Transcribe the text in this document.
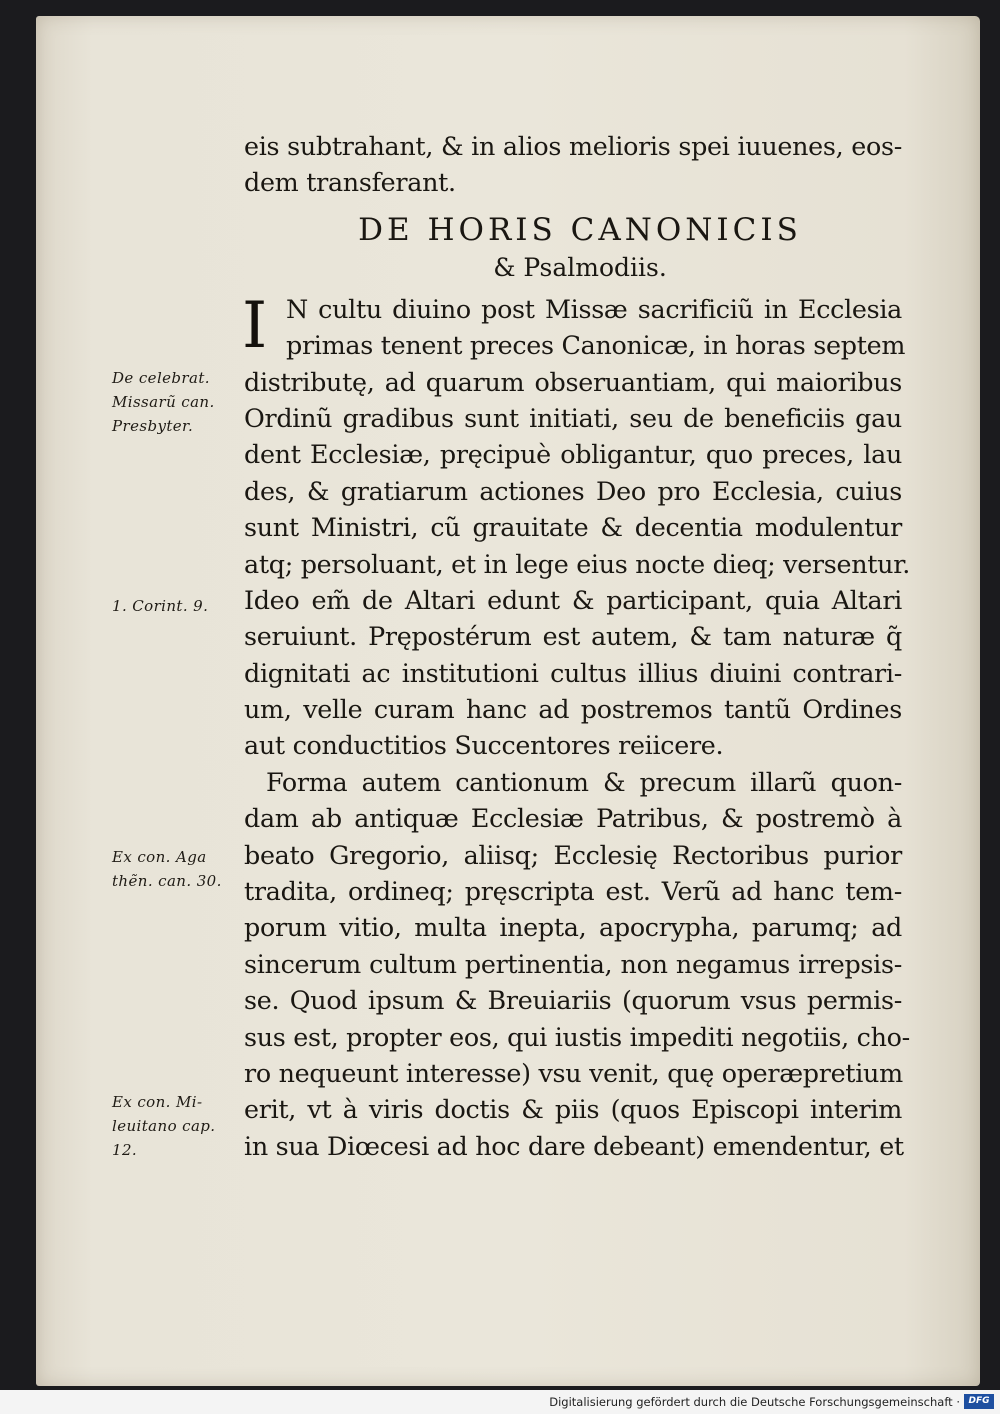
eis subtrahant, & in alios melioris spei iuuenes, eos-
dem transferant.
DE HORIS CANONICIS
& Psalmodiis.
I N cultu diuino post Missæ sacrificiũ in Ecclesia
primas tenent preces Canonicæ, in horas septem
distributę, ad quarum obseruantiam, qui maioribus
Ordinũ gradibus sunt initiati, seu de beneficiis gau
dent Ecclesiæ, pręcipuè obligantur, quo preces, lau
des, & gratiarum actiones Deo pro Ecclesia, cuius
sunt Ministri, cũ grauitate & decentia modulentur
atq; persoluant, et in lege eius nocte dieq; versentur.
Ideo em̃ de Altari edunt & participant, quia Altari
seruiunt. Prępostérum est autem, & tam naturæ q̃
dignitati ac institutioni cultus illius diuini contrari-
um, velle curam hanc ad postremos tantũ Ordines
aut conductitios Succentores reiicere.
Forma autem cantionum & precum illarũ quon-
dam ab antiquæ Ecclesiæ Patribus, & postremò à
beato Gregorio, aliisq; Ecclesię Rectoribus purior
tradita, ordineq; pręscripta est. Verũ ad hanc tem-
porum vitio, multa inepta, apocrypha, parumq; ad
sincerum cultum pertinentia, non negamus irrepsis-
se. Quod ipsum & Breuiariis (quorum vsus permis-
sus est, propter eos, qui iustis impediti negotiis, cho-
ro nequeunt interesse) vsu venit, quę operæpretium
erit, vt à viris doctis & piis (quos Episcopi interim
in sua Diœcesi ad hoc dare debeant) emendentur, et
De celebrat.
Missarũ can.
Presbyter.
1. Corint. 9.
Ex con. Aga
thẽn. can. 30.
Ex con. Mi-
leuitano cap.
12.
Digitalisierung gefördert durch die Deutsche Forschungsgemeinschaft · DFG
